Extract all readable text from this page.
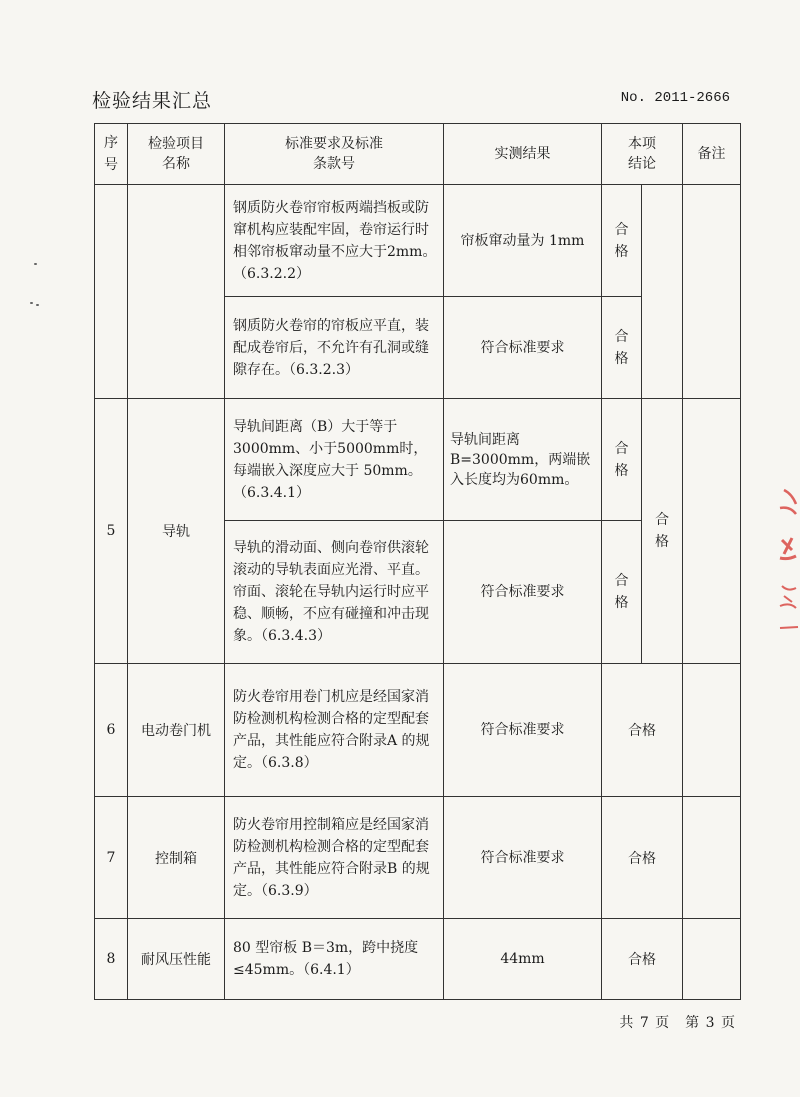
检验结果汇总	No. 2011-2666
序号	检验项目名称	标准要求及标准条款号	实测结果	本项结论		备注
		钢质防火卷帘帘板两端挡板或防窜机构应装配牢固，卷帘运行时相邻帘板窜动量不应大于2mm。（6.3.2.2）	帘板窜动量为 1mm	合格		
		钢质防火卷帘的帘板应平直，装配成卷帘后，不允许有孔洞或缝隙存在。（6.3.2.3）	符合标准要求	合格		
5	导轨	导轨间距离（B）大于等于3000mm、小于5000mm时，每端嵌入深度应大于 50mm。（6.3.4.1）	导轨间距离 B=3000mm，两端嵌入长度均为60mm。	合格	合格	
		导轨的滑动面、侧向卷帘供滚轮滚动的导轨表面应光滑、平直。帘面、滚轮在导轨内运行时应平稳、顺畅，不应有碰撞和冲击现象。（6.3.4.3）	符合标准要求	合格		
6	电动卷门机	防火卷帘用卷门机应是经国家消防检测机构检测合格的定型配套产品，其性能应符合附录A 的规定。（6.3.8）	符合标准要求	合格		
7	控制箱	防火卷帘用控制箱应是经国家消防检测机构检测合格的定型配套产品，其性能应符合附录B 的规定。（6.3.9）	符合标准要求	合格		
8	耐风压性能	80 型帘板 B＝3m，跨中挠度≤45mm。（6.4.1）	44mm	合格		
共 7 页　第 3 页
